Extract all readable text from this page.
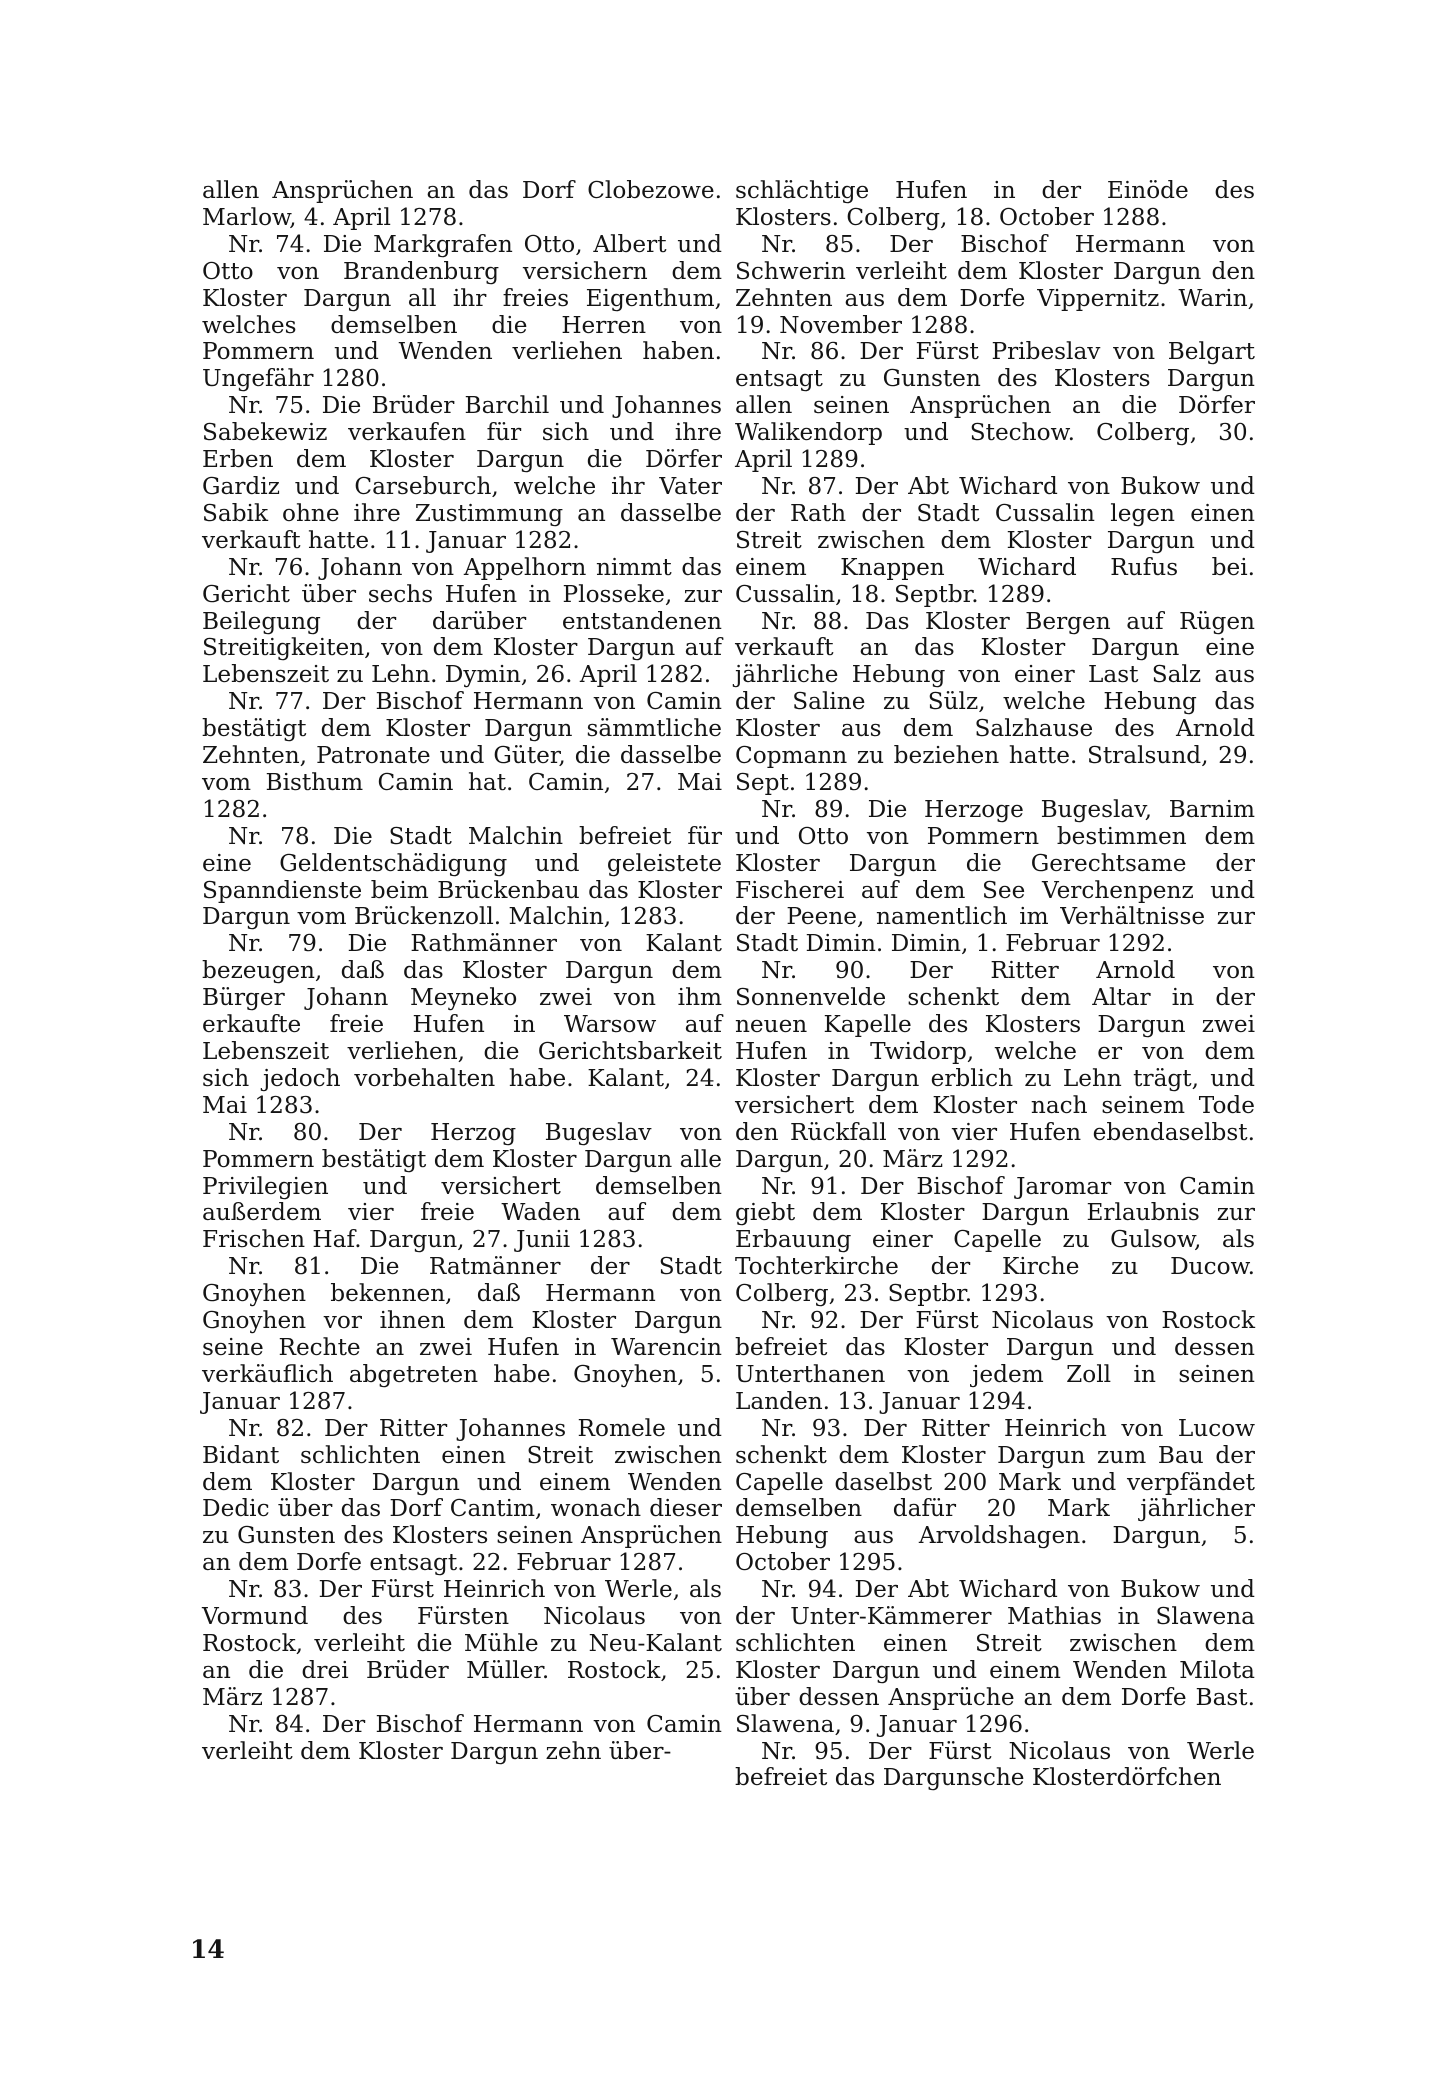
allen Ansprüchen an das Dorf Clobezowe. Marlow, 4. April 1278.

Nr. 74. Die Markgrafen Otto, Albert und Otto von Brandenburg versichern dem Kloster Dargun all ihr freies Eigenthum, welches demselben die Herren von Pommern und Wenden verliehen haben. Ungefähr 1280.

Nr. 75. Die Brüder Barchil und Johannes Sabekewiz verkaufen für sich und ihre Erben dem Kloster Dargun die Dörfer Gardiz und Carseburch, welche ihr Vater Sabik ohne ihre Zustimmung an dasselbe verkauft hatte. 11. Januar 1282.

Nr. 76. Johann von Appelhorn nimmt das Gericht über sechs Hufen in Plosseke, zur Beilegung der darüber entstandenen Streitigkeiten, von dem Kloster Dargun auf Lebenszeit zu Lehn. Dymin, 26. April 1282.

Nr. 77. Der Bischof Hermann von Camin bestätigt dem Kloster Dargun sämmtliche Zehnten, Patronate und Güter, die dasselbe vom Bisthum Camin hat. Camin, 27. Mai 1282.

Nr. 78. Die Stadt Malchin befreiet für eine Geldentschädigung und geleistete Spanndienste beim Brückenbau das Kloster Dargun vom Brückenzoll. Malchin, 1283.

Nr. 79. Die Rathmänner von Kalant bezeugen, daß das Kloster Dargun dem Bürger Johann Meyneko zwei von ihm erkaufte freie Hufen in Warsow auf Lebenszeit verliehen, die Gerichtsbarkeit sich jedoch vorbehalten habe. Kalant, 24. Mai 1283.

Nr. 80. Der Herzog Bugeslav von Pommern bestätigt dem Kloster Dargun alle Privilegien und versichert demselben außerdem vier freie Waden auf dem Frischen Haf. Dargun, 27. Junii 1283.

Nr. 81. Die Ratmänner der Stadt Gnoyhen bekennen, daß Hermann von Gnoyhen vor ihnen dem Kloster Dargun seine Rechte an zwei Hufen in Warencin verkäuflich abgetreten habe. Gnoyhen, 5. Januar 1287.

Nr. 82. Der Ritter Johannes Romele und Bidant schlichten einen Streit zwischen dem Kloster Dargun und einem Wenden Dedic über das Dorf Cantim, wonach dieser zu Gunsten des Klosters seinen Ansprüchen an dem Dorfe entsagt. 22. Februar 1287.

Nr. 83. Der Fürst Heinrich von Werle, als Vormund des Fürsten Nicolaus von Rostock, verleiht die Mühle zu Neu-Kalant an die drei Brüder Müller. Rostock, 25. März 1287.

Nr. 84. Der Bischof Hermann von Camin verleiht dem Kloster Dargun zehn über-

schlächtige Hufen in der Einöde des Klosters. Colberg, 18. October 1288.

Nr. 85. Der Bischof Hermann von Schwerin verleiht dem Kloster Dargun den Zehnten aus dem Dorfe Vippernitz. Warin, 19. November 1288.

Nr. 86. Der Fürst Pribeslav von Belgart entsagt zu Gunsten des Klosters Dargun allen seinen Ansprüchen an die Dörfer Walikendorp und Stechow. Colberg, 30. April 1289.

Nr. 87. Der Abt Wichard von Bukow und der Rath der Stadt Cussalin legen einen Streit zwischen dem Kloster Dargun und einem Knappen Wichard Rufus bei. Cussalin, 18. Septbr. 1289.

Nr. 88. Das Kloster Bergen auf Rügen verkauft an das Kloster Dargun eine jährliche Hebung von einer Last Salz aus der Saline zu Sülz, welche Hebung das Kloster aus dem Salzhause des Arnold Copmann zu beziehen hatte. Stralsund, 29. Sept. 1289.

Nr. 89. Die Herzoge Bugeslav, Barnim und Otto von Pommern bestimmen dem Kloster Dargun die Gerechtsame der Fischerei auf dem See Verchenpenz und der Peene, namentlich im Verhältnisse zur Stadt Dimin. Dimin, 1. Februar 1292.

Nr. 90. Der Ritter Arnold von Sonnenvelde schenkt dem Altar in der neuen Kapelle des Klosters Dargun zwei Hufen in Twidorp, welche er von dem Kloster Dargun erblich zu Lehn trägt, und versichert dem Kloster nach seinem Tode den Rückfall von vier Hufen ebendaselbst. Dargun, 20. März 1292.

Nr. 91. Der Bischof Jaromar von Camin giebt dem Kloster Dargun Erlaubnis zur Erbauung einer Capelle zu Gulsow, als Tochterkirche der Kirche zu Ducow. Colberg, 23. Septbr. 1293.

Nr. 92. Der Fürst Nicolaus von Rostock befreiet das Kloster Dargun und dessen Unterthanen von jedem Zoll in seinen Landen. 13. Januar 1294.

Nr. 93. Der Ritter Heinrich von Lucow schenkt dem Kloster Dargun zum Bau der Capelle daselbst 200 Mark und verpfändet demselben dafür 20 Mark jährlicher Hebung aus Arvoldshagen. Dargun, 5. October 1295.

Nr. 94. Der Abt Wichard von Bukow und der Unter-Kämmerer Mathias in Slawena schlichten einen Streit zwischen dem Kloster Dargun und einem Wenden Milota über dessen Ansprüche an dem Dorfe Bast. Slawena, 9. Januar 1296.

Nr. 95. Der Fürst Nicolaus von Werle befreiet das Dargunsche Klosterdörfchen

14
